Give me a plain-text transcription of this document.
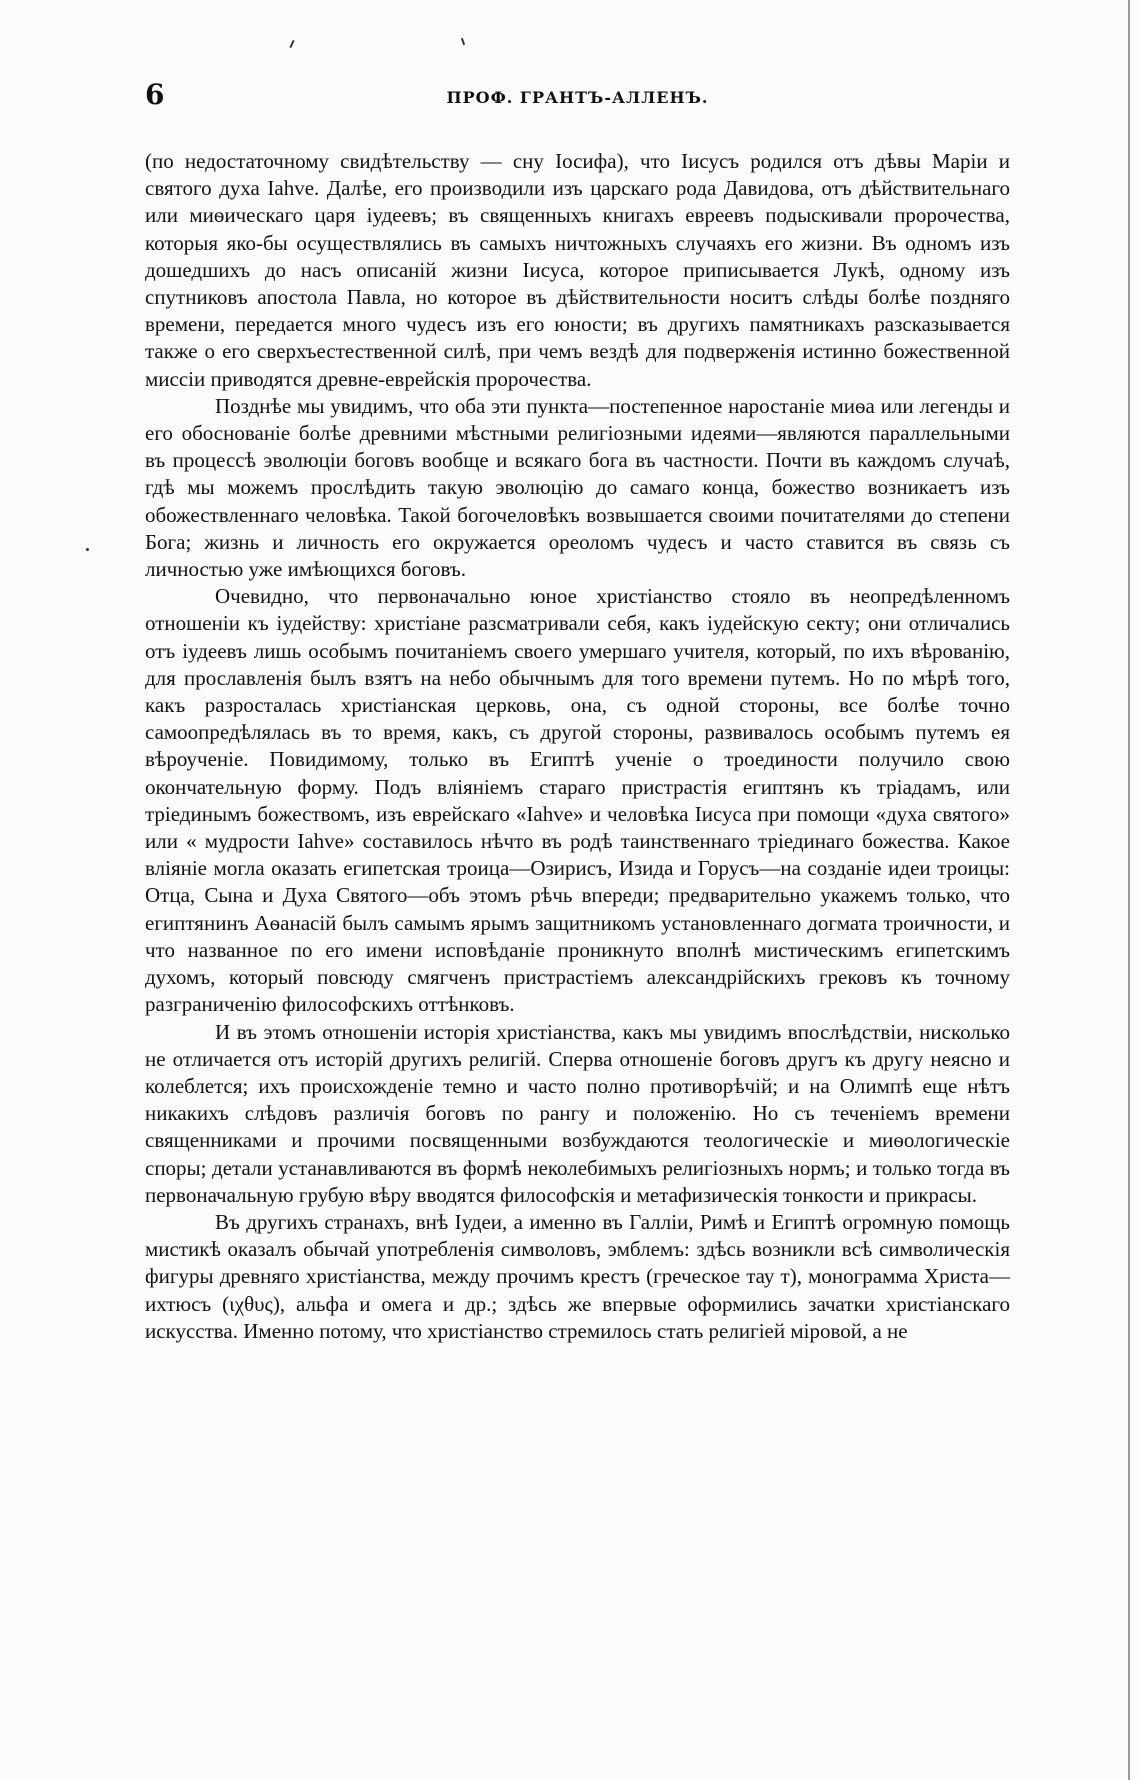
6	ПРОФ. ГРАНТЪ-АЛЛЕНЪ.

(по недостаточному свидѣтельству — сну Іосифа), что Іисусъ родился отъ дѣвы Маріи и святого духа Іаһvе. Далѣе, его производили изъ царскаго рода Давидова, отъ дѣйствительнаго или миѳическаго царя іудеевъ; въ священныхъ книгахъ евреевъ подыскивали пророчества, которыя яко-бы осуществлялись въ самыхъ ничтожныхъ случаяхъ его жизни. Въ одномъ изъ дошедшихъ до насъ описаній жизни Іисуса, которое приписывается Лукѣ, одному изъ спутниковъ апостола Павла, но которое въ дѣйствительности носитъ слѣды болѣе поздняго времени, передается много чудесъ изъ его юности; въ другихъ памятникахъ разсказывается также о его сверхъестественной силѣ, при чемъ вездѣ для подверженія истинно божественной миссіи приводятся древне-еврейскія пророчества.

Позднѣе мы увидимъ, что оба эти пункта—постепенное наростаніе миѳа или легенды и его обоснованіе болѣе древними мѣстными религіозными идеями—являются параллельными въ процессѣ эволюціи боговъ вообще и всякаго бога въ частности. Почти въ каждомъ случаѣ, гдѣ мы можемъ прослѣдить такую эволюцію до самаго конца, божество возникаетъ изъ обожествленнаго человѣка. Такой богочеловѣкъ возвышается своими почитателями до степени Бога; жизнь и личность его окружается ореоломъ чудесъ и часто ставится въ связь съ личностью уже имѣющихся боговъ.

Очевидно, что первоначально юное христіанство стояло въ неопредѣленномъ отношеніи къ іудейству: христіане разсматривали себя, какъ іудейскую секту; они отличались отъ іудеевъ лишь особымъ почитаніемъ своего умершаго учителя, который, по ихъ вѣрованію, для прославленія былъ взятъ на небо обычнымъ для того времени путемъ. Но по мѣрѣ того, какъ разросталась христіанская церковь, она, съ одной стороны, все болѣе точно самоопредѣлялась въ то время, какъ, съ другой стороны, развивалось особымъ путемъ ея вѣроученіе. Повидимому, только въ Египтѣ ученіе о троединости получило свою окончательную форму. Подъ вліяніемъ стараго пристрастія египтянъ къ тріадамъ, или тріединымъ божествомъ, изъ еврейскаго «Іаһvе» и человѣка Іисуса при помощи «духа святого» или « мудрости Іаһvе» составилось нѣчто въ родѣ таинственнаго тріединаго божества. Какое вліяніе могла оказать египетская троица—Озирисъ, Изида и Горусъ—на созданіе идеи троицы: Отца, Сына и Духа Святого—объ этомъ рѣчь впереди; предварительно укажемъ только, что египтянинъ Аѳанасій былъ самымъ ярымъ защитникомъ установленнаго догмата троичности, и что названное по его имени исповѣданіе проникнуто вполнѣ мистическимъ египетскимъ духомъ, который повсюду смягченъ пристрастіемъ александрійскихъ грековъ къ точному разграниченію философскихъ оттѣнковъ.

И въ этомъ отношеніи исторія христіанства, какъ мы увидимъ впослѣдствіи, нисколько не отличается отъ исторій другихъ религій. Сперва отношеніе боговъ другъ къ другу неясно и колеблется; ихъ происхожденіе темно и часто полно противорѣчій; и на Олимпѣ еще нѣтъ никакихъ слѣдовъ различія боговъ по рангу и положенію. Но съ теченіемъ времени священниками и прочими посвященными возбуждаются теологическіе и миѳологическіе споры; детали устанавливаются въ формѣ неколебимыхъ религіозныхъ нормъ; и только тогда въ первоначальную грубую вѣру вводятся философскія и метафизическія тонкости и прикрасы.

Въ другихъ странахъ, внѣ Іудеи, а именно въ Галліи, Римѣ и Египтѣ огромную помощь мистикѣ оказалъ обычай употребленія символовъ, эмблемъ: здѣсь возникли всѣ символическія фигуры древняго христіанства, между прочимъ крестъ (греческое тау т), монограмма Христа—ихтюсъ (ιχθυς), альфа и омега и др.; здѣсь же впервые оформились зачатки христіанскаго искусства. Именно потому, что христіанство стремилось стать религіей міровой, а не
